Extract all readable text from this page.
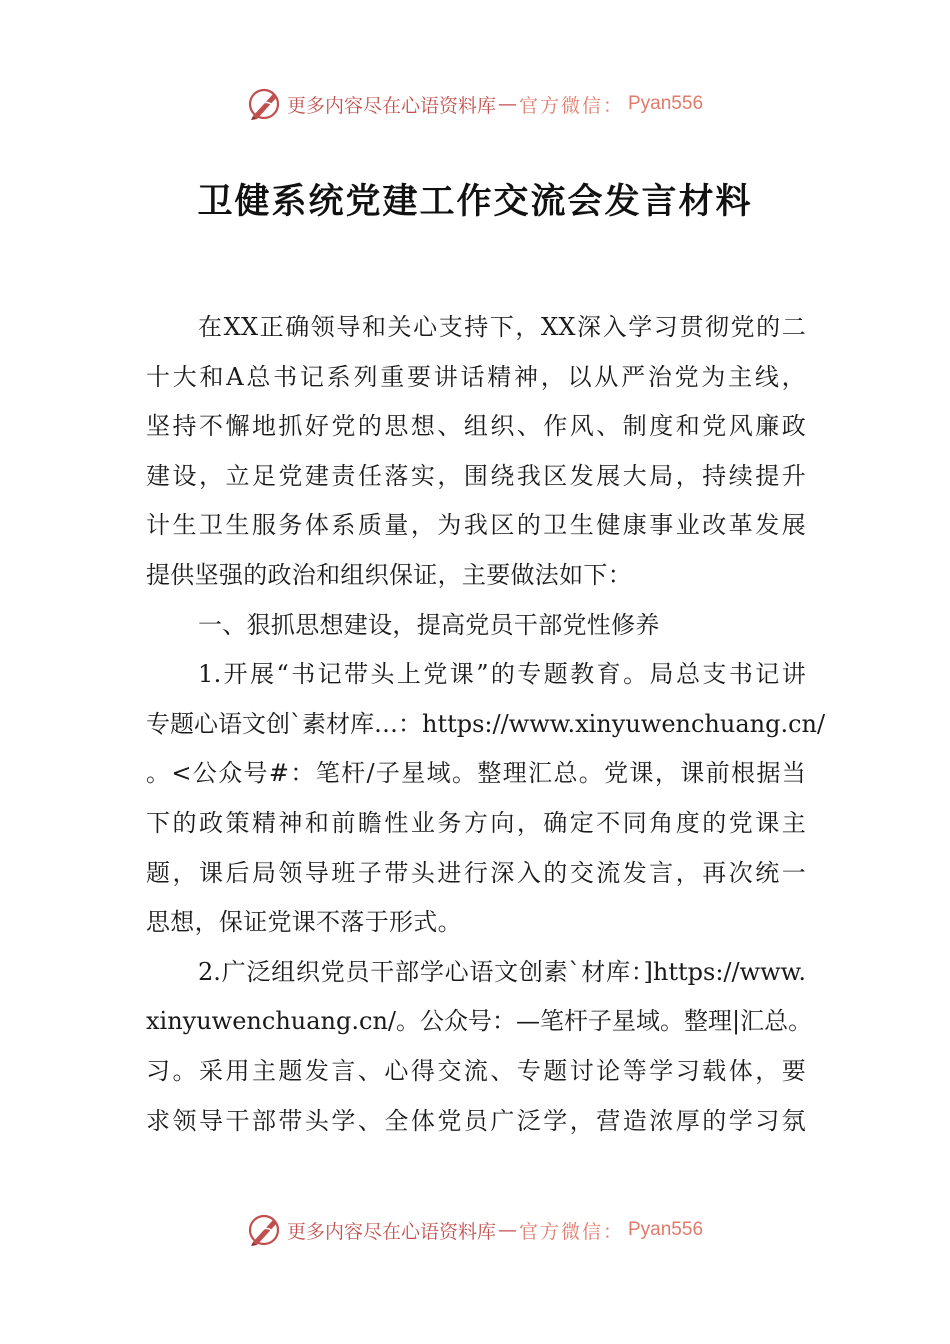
更多内容尽在心语资料库 — 官方微信： Pyan556
卫健系统党建工作交流会发言材料
在XX正确领导和关心支持下，XX深入学习贯彻党的二
十大和A总书记系列重要讲话精神，以从严治党为主线，
坚持不懈地抓好党的思想、组织、作风、制度和党风廉政
建设，立足党建责任落实，围绕我区发展大局，持续提升
计生卫生服务体系质量，为我区的卫生健康事业改革发展
提供坚强的政治和组织保证，主要做法如下：
一、狠抓思想建设，提高党员干部党性修养
1.开展“书记带头上党课”的专题教育。局总支书记讲
专题心语文创`素材库…：https://www.xinyuwenchuang.cn/
。<公众号#：笔杆/子星域。整理汇总。党课，课前根据当
下的政策精神和前瞻性业务方向，确定不同角度的党课主
题，课后局领导班子带头进行深入的交流发言，再次统一
思想，保证党课不落于形式。
2.广泛组织党员干部学心语文创素`材库：]https://www.
xinyuwenchuang.cn/。公众号：—笔杆子星域。整理|汇总。
习。采用主题发言、心得交流、专题讨论等学习载体，要
求领导干部带头学、全体党员广泛学，营造浓厚的学习氛
更多内容尽在心语资料库 — 官方微信： Pyan556
